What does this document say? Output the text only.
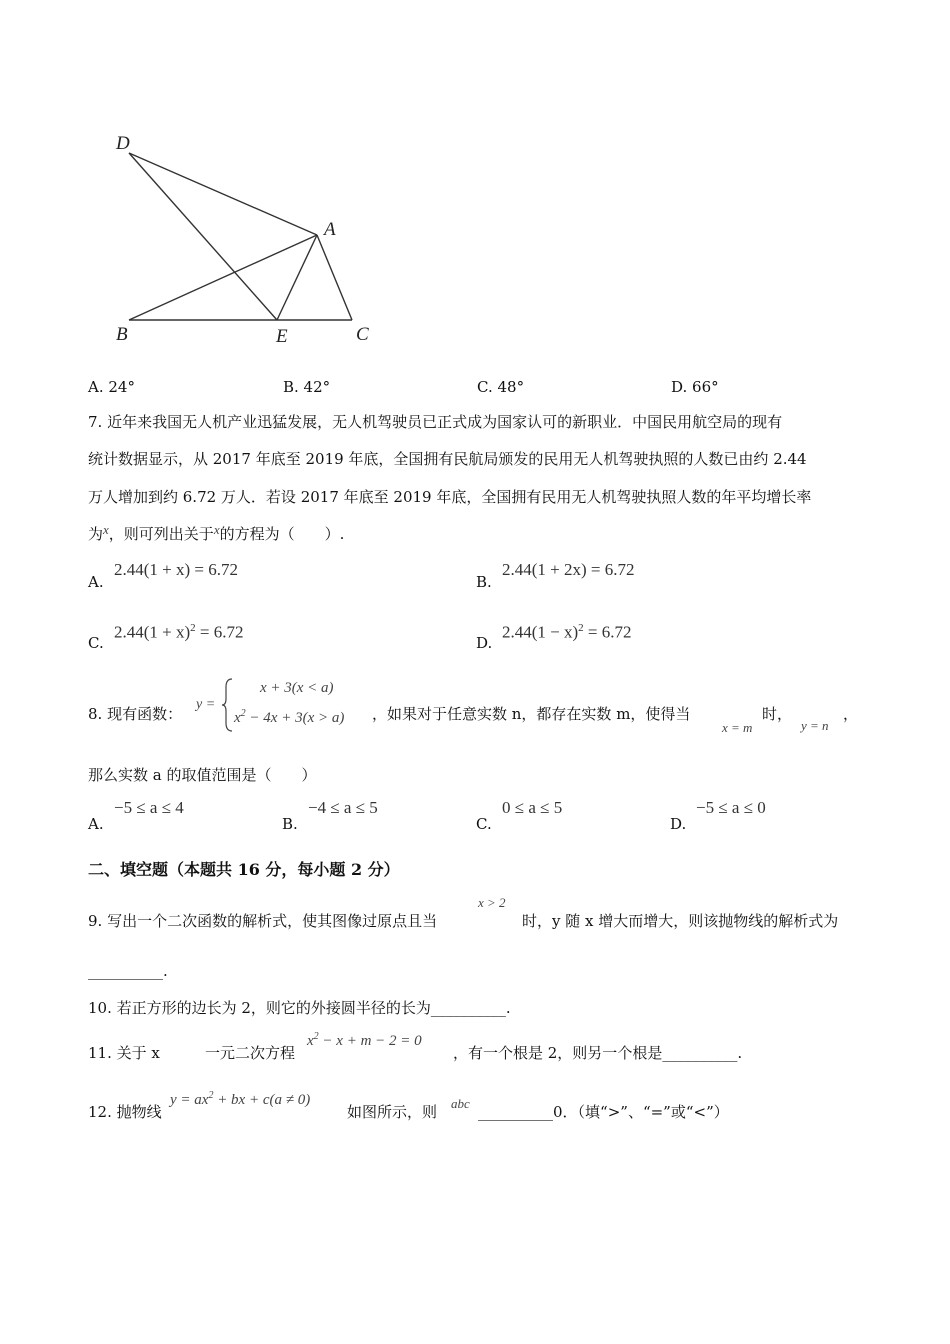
D
A
B	E	C
A. 24°	B. 42°	C. 48°	D. 66°
7. 近年来我国无人机产业迅猛发展，无人机驾驶员已正式成为国家认可的新职业．中国民用航空局的现有
统计数据显示，从 2017 年底至 2019 年底，全国拥有民航局颁发的民用无人机驾驶执照的人数已由约 2.44
万人增加到约 6.72 万人．若设 2017 年底至 2019 年底，全国拥有民用无人机驾驶执照人数的年平均增长率
为x，则可列出关于x的方程为（　　）.
A.
2.44(1 + x) = 6.72
B.
2.44(1 + 2x) = 6.72
C.
$2.44(1 + x)^2 = 6.72$
D.
$2.44(1 - x)^2 = 6.72$
8. 现有函数：
y =
x + 3(x < a)
$x^2 - 4x + 3(x > a)$ ，如果对于任意实数 n，都存在实数 m，使得当
x = m
时，
y = n
，
那么实数 a 的取值范围是（　　）
A.
−5 ≤ a ≤ 4
B.
−4 ≤ a ≤ 5
C.
0 ≤ a ≤ 5
D.
−5 ≤ a ≤ 0
二、填空题（本题共 16 分，每小题 2 分）
9. 写出一个二次函数的解析式，使其图像过原点且当
x > 2
时，y 随 x 增大而增大，则该抛物线的解析式为
__________.
10. 若正方形的边长为 2，则它的外接圆半径的长为__________.
11. 关于 x	一元二次方程
$x^2 - x + m - 2 = 0$
，有一个根是 2，则另一个根是__________.
12. 抛物线
$y = ax^2$ + bx + c(a ≠ 0)
如图所示，则 abc __________0．（填“>”、“=”或“<”）
